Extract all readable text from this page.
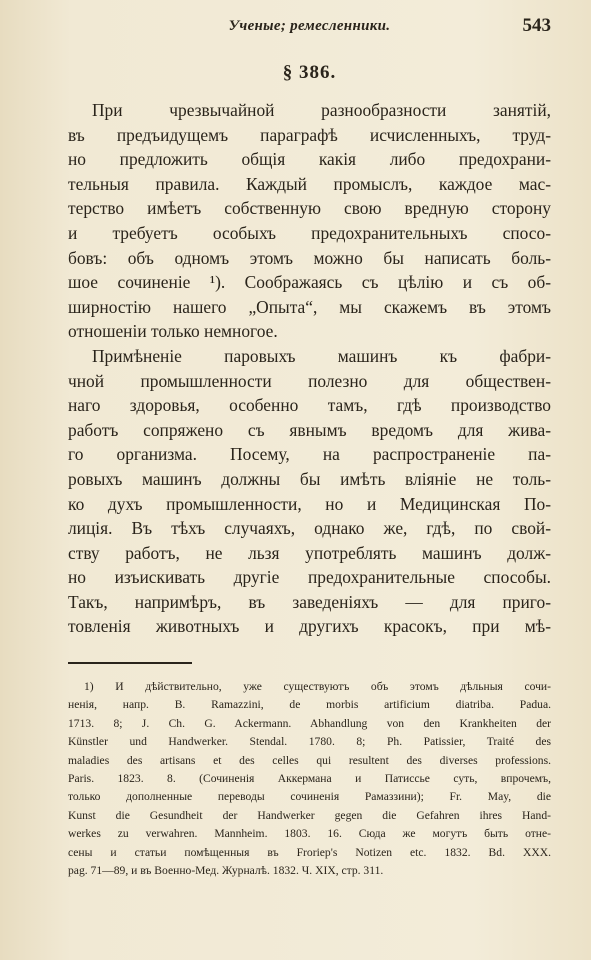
Ученые; ремесленники.	543
§ 386.

При чрезвычайной разнообразности занятій,
въ предъидущемъ параграфѣ исчисленныхъ, труд-
но предложить общія какія либо предохрани-
тельныя правила. Каждый промыслъ, каждое мас-
терство имѣетъ собственную свою вредную сторону
и требуетъ особыхъ предохранительныхъ спосо-
бовъ: объ одномъ этомъ можно бы написать боль-
шое сочиненіе ¹). Соображаясь съ цѣлію и съ об-
ширностію нашего „Опыта“, мы скажемъ въ этомъ
отношеніи только немногое.

Примѣненіе паровыхъ машинъ къ фабри-
чной промышленности полезно для обществен-
наго здоровья, особенно тамъ, гдѣ производство
работъ сопряжено съ явнымъ вредомъ для жива-
го организма. Посему, на распространеніе па-
ровыхъ машинъ должны бы имѣть вліяніе не толь-
ко духъ промышленности, но и Медицинская По-
лиція. Въ тѣхъ случаяхъ, однако же, гдѣ, по свой-
ству работъ, не льзя употреблять машинъ долж-
но изъискивать другіе предохранительные способы.
Такъ, напримѣръ, въ заведеніяхъ — для приго-
товленія животныхъ и другихъ красокъ, при мѣ-

1) И дѣйствительно, уже существуютъ объ этомъ дѣльныя сочи-
ненія, напр. B. Ramazzini, de morbis artificium diatriba. Padua.
1713. 8; J. Ch. G. Ackermann. Abhandlung von den Krankheiten der
Künstler und Handwerker. Stendal. 1780. 8; Ph. Patissier, Traité des
maladies des artisans et des celles qui resultent des diverses professions.
Paris. 1823. 8. (Сочиненія Аккермана и Патиссье суть, впрочемъ,
только дополненные переводы сочиненія Рамаззини); Fr. May, die
Kunst die Gesundheit der Handwerker gegen die Gefahren ihres Hand-
werkes zu verwahren. Mannheim. 1803. 16. Сюда же могутъ быть отне-
сены и статьи помѣщенныя въ Froriep's Notizen etc. 1832. Bd. XXX.
pag. 71—89, и въ Военно-Мед. Журналѣ. 1832. Ч. XIX, стр. 311.
